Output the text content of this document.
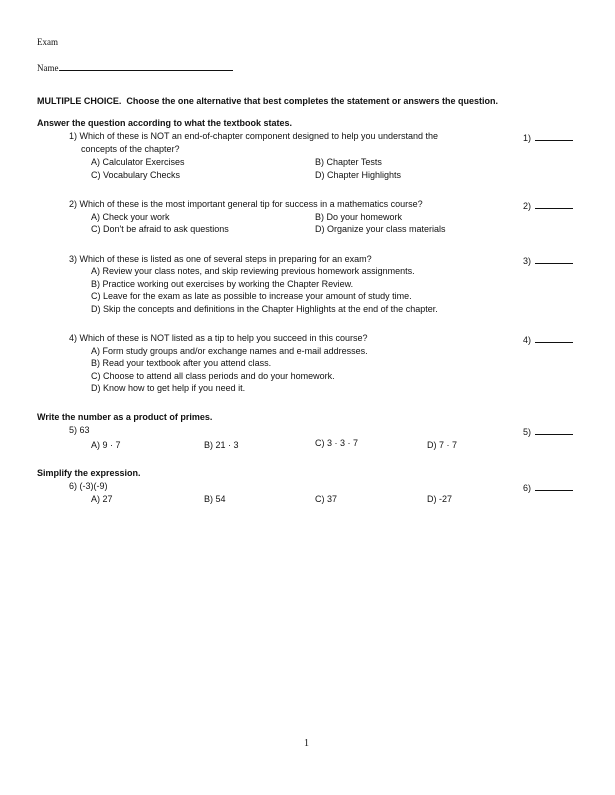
Exam
Name
MULTIPLE CHOICE. Choose the one alternative that best completes the statement or answers the question.
Answer the question according to what the textbook states.
1) Which of these is NOT an end-of-chapter component designed to help you understand the
concepts of the chapter?
1)
A) Calculator Exercises	B) Chapter Tests
C) Vocabulary Checks	D) Chapter Highlights
2) Which of these is the most important general tip for success in a mathematics course?	2)
A) Check your work	B) Do your homework
C) Don't be afraid to ask questions	D) Organize your class materials
3) Which of these is listed as one of several steps in preparing for an exam?	3)
A) Review your class notes, and skip reviewing previous homework assignments.
B) Practice working out exercises by working the Chapter Review.
C) Leave for the exam as late as possible to increase your amount of study time.
D) Skip the concepts and definitions in the Chapter Highlights at the end of the chapter.
4) Which of these is NOT listed as a tip to help you succeed in this course?	4)
A) Form study groups and/or exchange names and e-mail addresses.
B) Read your textbook after you attend class.
C) Choose to attend all class periods and do your homework.
D) Know how to get help if you need it.
Write the number as a product of primes.
5) 63	5)
A) 9 · 7	B) 21 · 3	C) 3 · 3 · 7	D) 7 · 7
Simplify the expression.
6) (-3)(-9)	6)
A) 27	B) 54	C) 37	D) -27
1
